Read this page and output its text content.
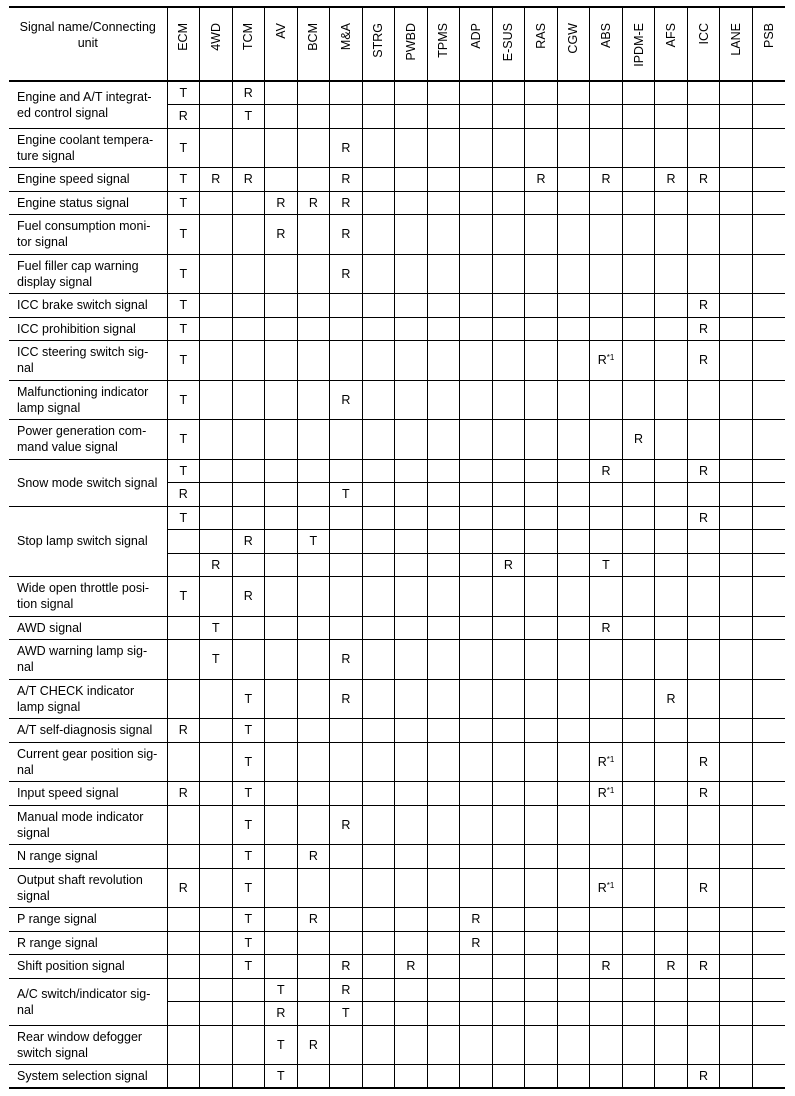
Signal name/Connecting unit	ECM	4WD	TCM	AV	BCM	M&A	STRG	PWBD	TPMS	ADP	E-SUS	RAS	CGW	ABS	IPDM-E	AFS	ICC	LANE	PSB

Engine and A/T integrat-
ed control signal	T		R																
	R		T																
Engine coolant tempera-
ture signal	T					R													
Engine speed signal	T	R	R			R						R		R		R	R		
Engine status signal	T			R	R	R													
Fuel consumption moni-
tor signal	T			R		R													
Fuel filler cap warning
display signal	T					R													
ICC brake switch signal	T																R		
ICC prohibition signal	T																R		
ICC steering switch sig-
nal	T													$R^{*1}$			R		
Malfunctioning indicator
lamp signal	T					R													
Power generation com-
mand value signal	T														R				
Snow mode switch signal	T													R			R		
	R					T													
Stop lamp switch signal	T																R		
			R		T														
		R									R			T					
Wide open throttle posi-
tion signal	T		R																
AWD signal		T												R					
AWD warning lamp sig-
nal		T				R													
A/T CHECK indicator
lamp signal			T			R										R			
A/T self-diagnosis signal	R		T																
Current gear position sig-
nal			T											$R^{*1}$			R		
Input speed signal	R		T											$R^{*1}$			R		
Manual mode indicator
signal			T			R													
N range signal			T		R														
Output shaft revolution
signal	R		T											$R^{*1}$			R		
P range signal			T		R					R									
R range signal			T							R									
Shift position signal			T			R		R						R		R	R		
A/C switch/indicator sig-
nal				T		R													
				R		T													
Rear window defogger
switch signal				T	R														
System selection signal				T													R		
